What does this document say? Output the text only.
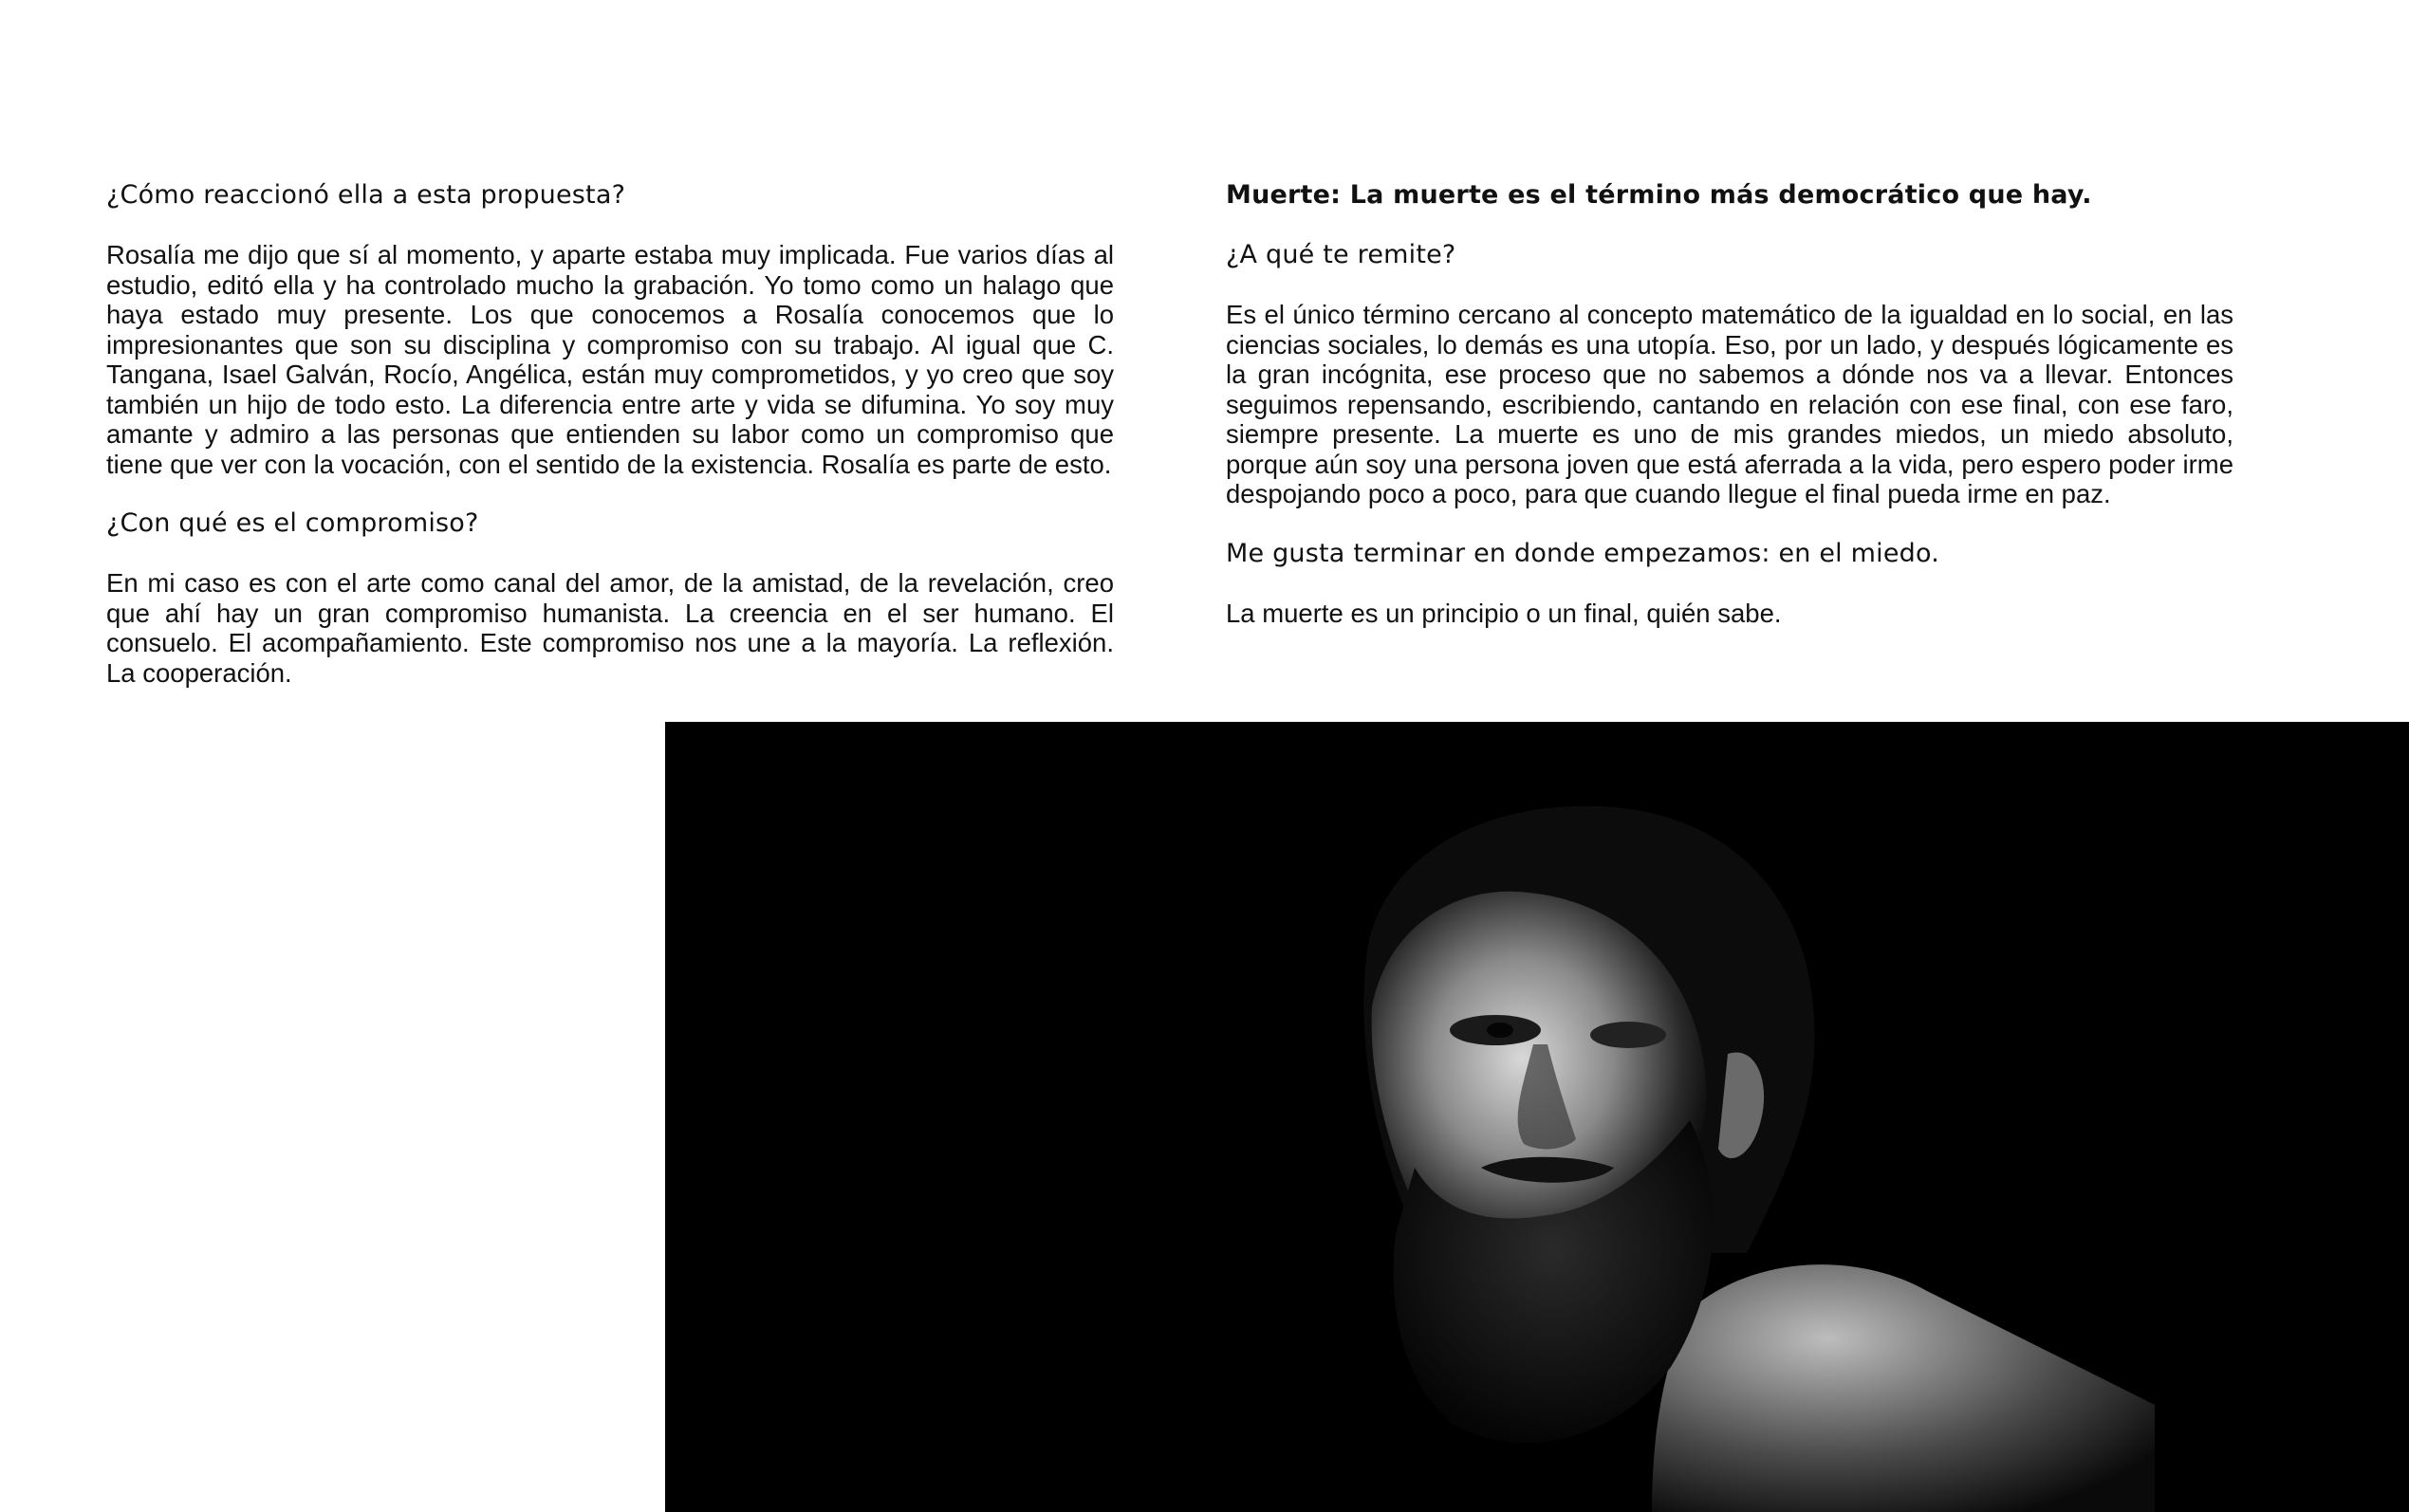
¿Cómo reaccionó ella a esta propuesta?

Rosalía me dijo que sí al momento, y aparte estaba muy implicada. Fue varios días al estudio, editó ella y ha controlado mucho la grabación. Yo tomo como un halago que haya estado muy presente. Los que conocemos a Rosalía conocemos que lo impresionantes que son su disciplina y compromiso con su trabajo. Al igual que C. Tangana, Isael Galván, Rocío, Angélica, están muy comprometidos, y yo creo que soy también un hijo de todo esto. La diferencia entre arte y vida se difumina. Yo soy muy amante y admiro a las personas que entienden su labor como un compromiso que tiene que ver con la vocación, con el sentido de la existencia. Rosalía es parte de esto.

¿Con qué es el compromiso?

En mi caso es con el arte como canal del amor, de la amistad, de la revelación, creo que ahí hay un gran compromiso humanista. La creencia en el ser humano. El consuelo. El acompañamiento. Este compromiso nos une a la mayoría. La reflexión. La cooperación.

Muerte: La muerte es el término más democrático que hay.

¿A qué te remite?

Es el único término cercano al concepto matemático de la igualdad en lo social, en las ciencias sociales, lo demás es una utopía. Eso, por un lado, y después lógicamente es la gran incógnita, ese proceso que no sabemos a dónde nos va a llevar. Entonces seguimos repensando, escribiendo, cantando en relación con ese final, con ese faro, siempre presente. La muerte es uno de mis grandes miedos, un miedo absoluto, porque aún soy una persona joven que está aferrada a la vida, pero espero poder irme despojando poco a poco, para que cuando llegue el final pueda irme en paz.

Me gusta terminar en donde empezamos: en el miedo.

La muerte es un principio o un final, quién sabe.
